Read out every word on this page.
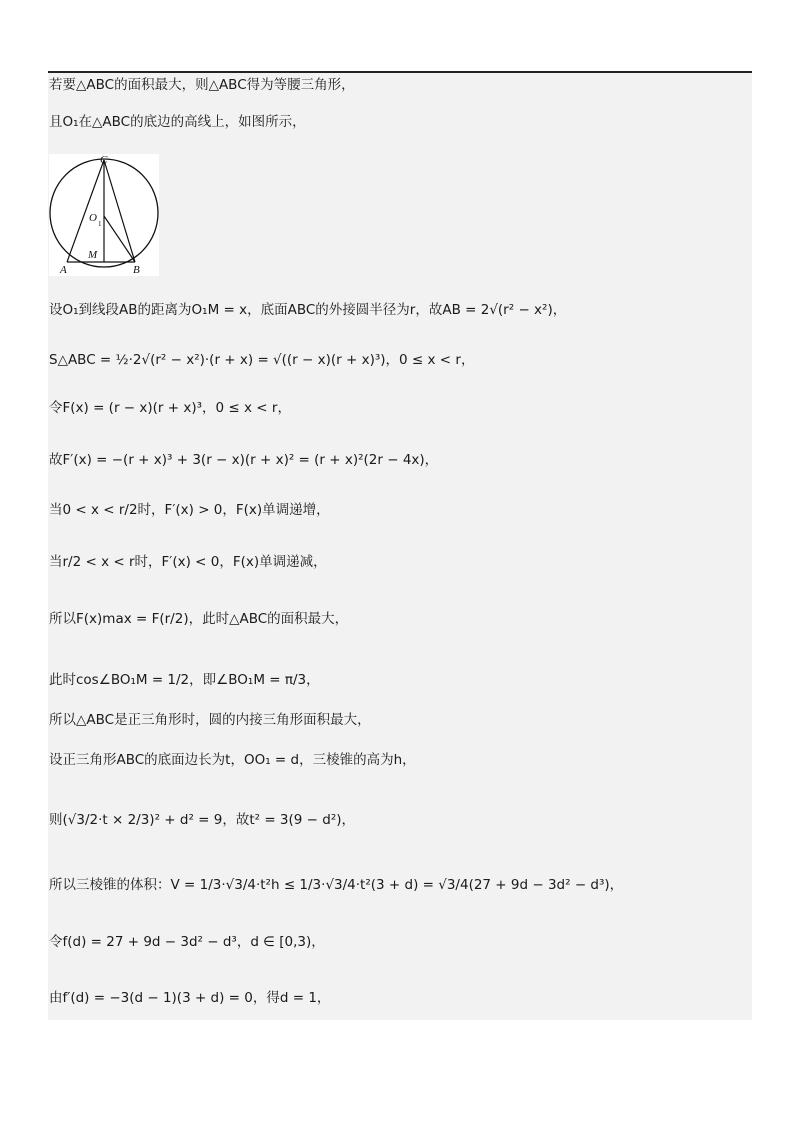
若要△ABC的面积最大，则△ABC得为等腰三角形，
且O₁在△ABC的底边的高线上，如图所示，
设O₁到线段AB的距离为O₁M = x，底面ABC的外接圆半径为r，故AB = 2√(r² − x²)，
S△ABC = ½·2√(r² − x²)·(r + x) = √((r − x)(r + x)³)，0 ≤ x < r，
令F(x) = (r − x)(r + x)³，0 ≤ x < r，
故F′(x) = −(r + x)³ + 3(r − x)(r + x)² = (r + x)²(2r − 4x)，
当0 < x < r/2时，F′(x) > 0，F(x)单调递增，
当r/2 < x < r时，F′(x) < 0，F(x)单调递减，
所以F(x)max = F(r/2)，此时△ABC的面积最大，
此时cos∠BO₁M = 1/2，即∠BO₁M = π/3，
所以△ABC是正三角形时，圆的内接三角形面积最大，
设正三角形ABC的底面边长为t，OO₁ = d，三棱锥的高为h，
则(√3/2·t × 2/3)² + d² = 9，故t² = 3(9 − d²)，
所以三棱锥的体积：V = 1/3·√3/4·t²h ≤ 1/3·√3/4·t²(3 + d) = √3/4(27 + 9d − 3d² − d³)，
令f(d) = 27 + 9d − 3d² − d³，d ∈ [0,3)，
由f′(d) = −3(d − 1)(3 + d) = 0，得d = 1，
C
O 1
M
A	B
